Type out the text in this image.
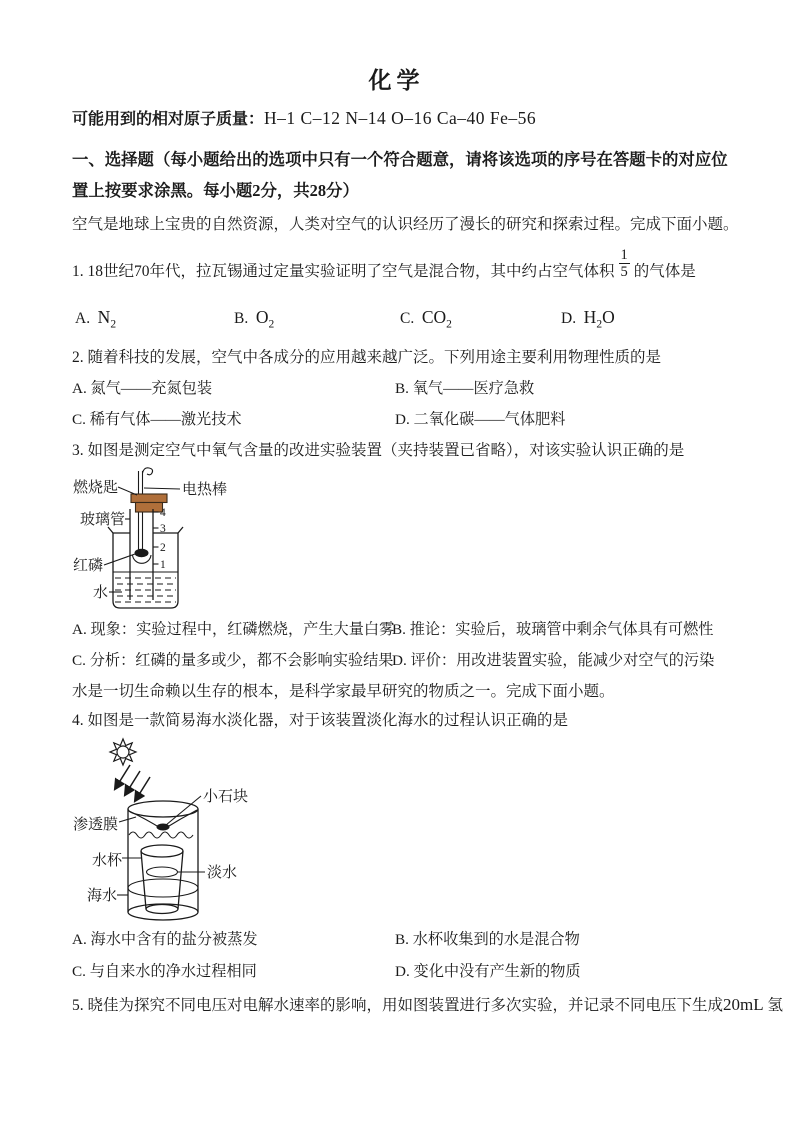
化学
可能用到的相对原子质量：H–1 C–12 N–14 O–16 Ca–40 Fe–56
一、选择题（每小题给出的选项中只有一个符合题意，请将该选项的序号在答题卡的对应位置上按要求涂黑。每小题2分，共28分）
空气是地球上宝贵的自然资源，人类对空气的认识经历了漫长的研究和探索过程。完成下面小题。
1. 18世纪70年代，拉瓦锡通过定量实验证明了空气是混合物，其中约占空气体积 $\frac{1}{5}$ 的气体是
A. $N_2$	B. $O_2$	C. $CO_2$	D. $H_2O$
2. 随着科技的发展，空气中各成分的应用越来越广泛。下列用途主要利用物理性质的是
A. 氮气——充氮包装	B. 氧气——医疗急救
C. 稀有气体——激光技术	D. 二氧化碳——气体肥料
3. 如图是测定空气中氧气含量的改进实验装置（夹持装置已省略），对该实验认识正确的是
4
3
2
1
燃烧匙	电热棒
玻璃管
红磷
水
A. 现象：实验过程中，红磷燃烧，产生大量白雾
B. 推论：实验后，玻璃管中剩余气体具有可燃性
C. 分析：红磷的量多或少，都不会影响实验结果
D. 评价：用改进装置实验，能减少对空气的污染
水是一切生命赖以生存的根本，是科学家最早研究的物质之一。完成下面小题。
4. 如图是一款简易海水淡化器，对于该装置淡化海水的过程认识正确的是
小石块
渗透膜
水杯
淡水
海水
A. 海水中含有的盐分被蒸发	B. 水杯收集到的水是混合物
C. 与自来水的净水过程相同	D. 变化中没有产生新的物质
5. 晓佳为探究不同电压对电解水速率的影响，用如图装置进行多次实验，并记录不同电压下生成20mL 氢
